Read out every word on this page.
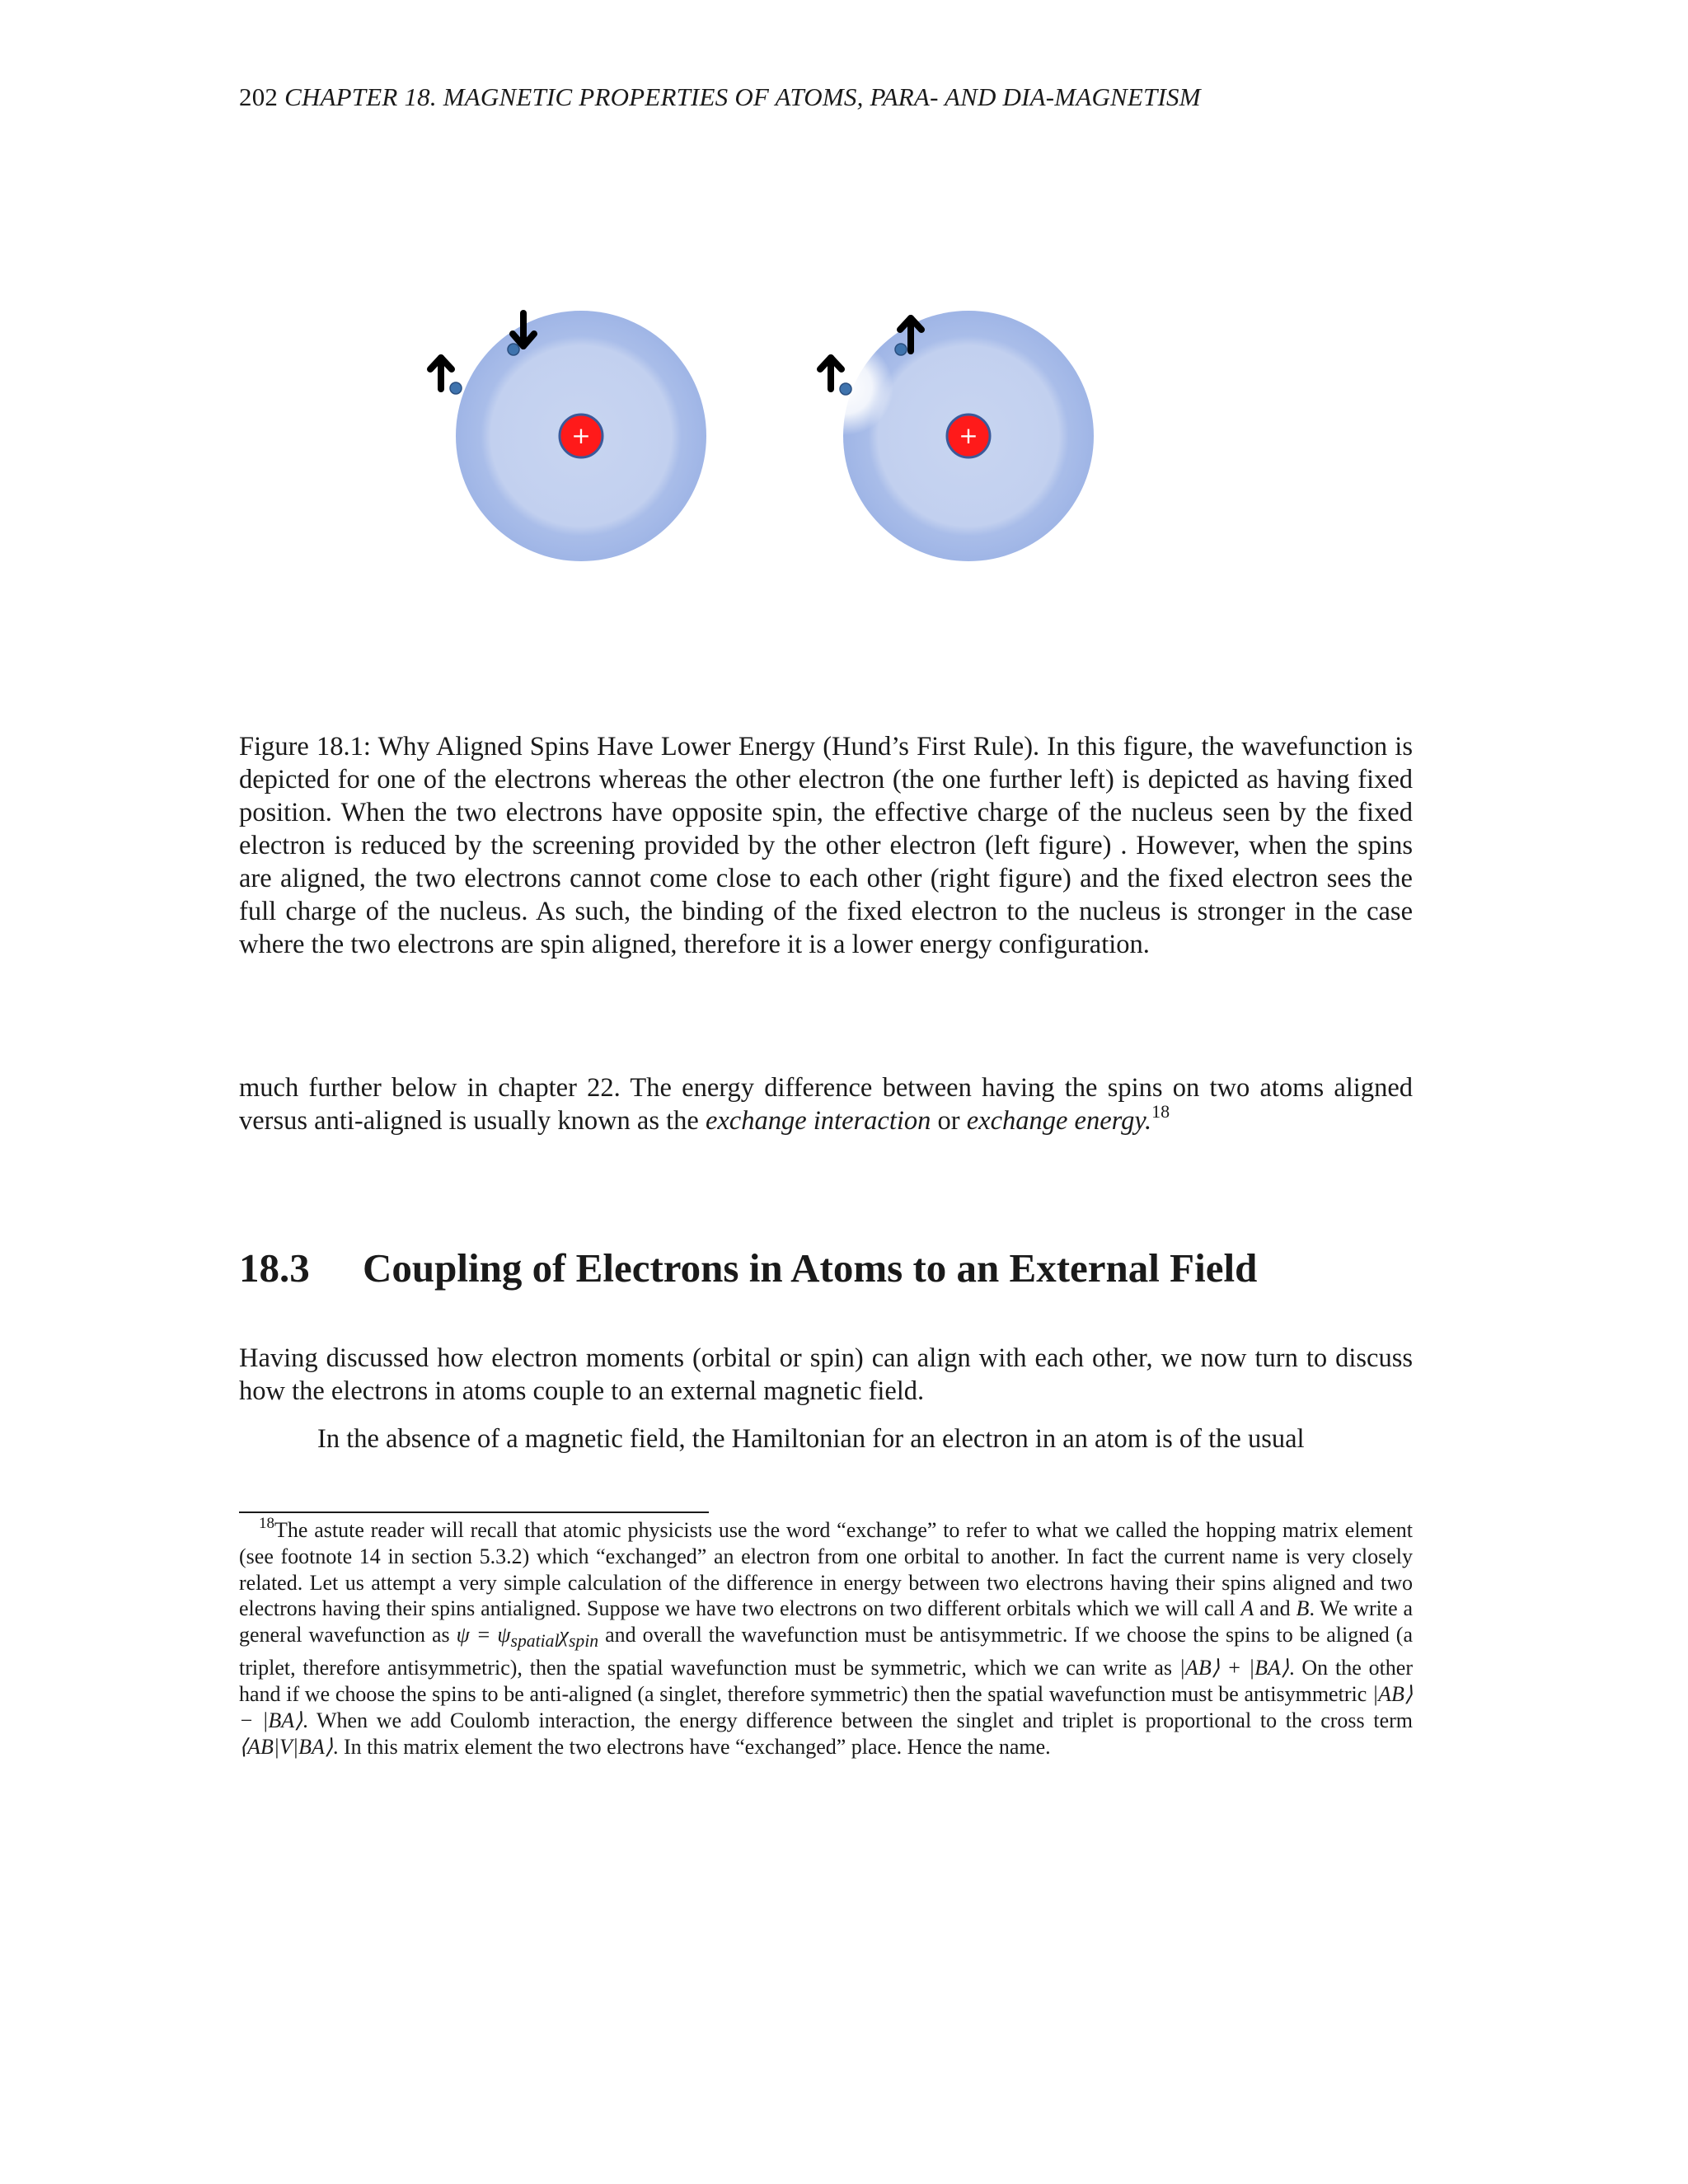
202 CHAPTER 18. MAGNETIC PROPERTIES OF ATOMS, PARA- AND DIA-MAGNETISM
+	+
Figure 18.1: Why Aligned Spins Have Lower Energy (Hund’s First Rule). In this figure, the wavefunction is depicted for one of the electrons whereas the other electron (the one further left) is depicted as having fixed position. When the two electrons have opposite spin, the effective charge of the nucleus seen by the fixed electron is reduced by the screening provided by the other electron (left figure) . However, when the spins are aligned, the two electrons cannot come close to each other (right figure) and the fixed electron sees the full charge of the nucleus. As such, the binding of the fixed electron to the nucleus is stronger in the case where the two electrons are spin aligned, therefore it is a lower energy configuration.
much further below in chapter 22. The energy difference between having the spins on two atoms aligned versus anti-aligned is usually known as the exchange interaction or exchange energy.$^{18}$
18.3 Coupling of Electrons in Atoms to an External Field
Having discussed how electron moments (orbital or spin) can align with each other, we now turn to discuss how the electrons in atoms couple to an external magnetic field.
In the absence of a magnetic field, the Hamiltonian for an electron in an atom is of the usual
$^{18}$The astute reader will recall that atomic physicists use the word “exchange” to refer to what we called the hopping matrix element (see footnote 14 in section 5.3.2) which “exchanged” an electron from one orbital to another. In fact the current name is very closely related. Let us attempt a very simple calculation of the difference in energy between two electrons having their spins aligned and two electrons having their spins antialigned. Suppose we have two electrons on two different orbitals which we will call A and B. We write a general wavefunction as $\psi = \psi_{spatial}\chi_{spin}$ and overall the wavefunction must be antisymmetric. If we choose the spins to be aligned (a triplet, therefore antisymmetric), then the spatial wavefunction must be symmetric, which we can write as |AB⟩ + |BA⟩. On the other hand if we choose the spins to be anti-aligned (a singlet, therefore symmetric) then the spatial wavefunction must be antisymmetric |AB⟩ − |BA⟩. When we add Coulomb interaction, the energy difference between the singlet and triplet is proportional to the cross term ⟨AB|V|BA⟩. In this matrix element the two electrons have “exchanged” place. Hence the name.
